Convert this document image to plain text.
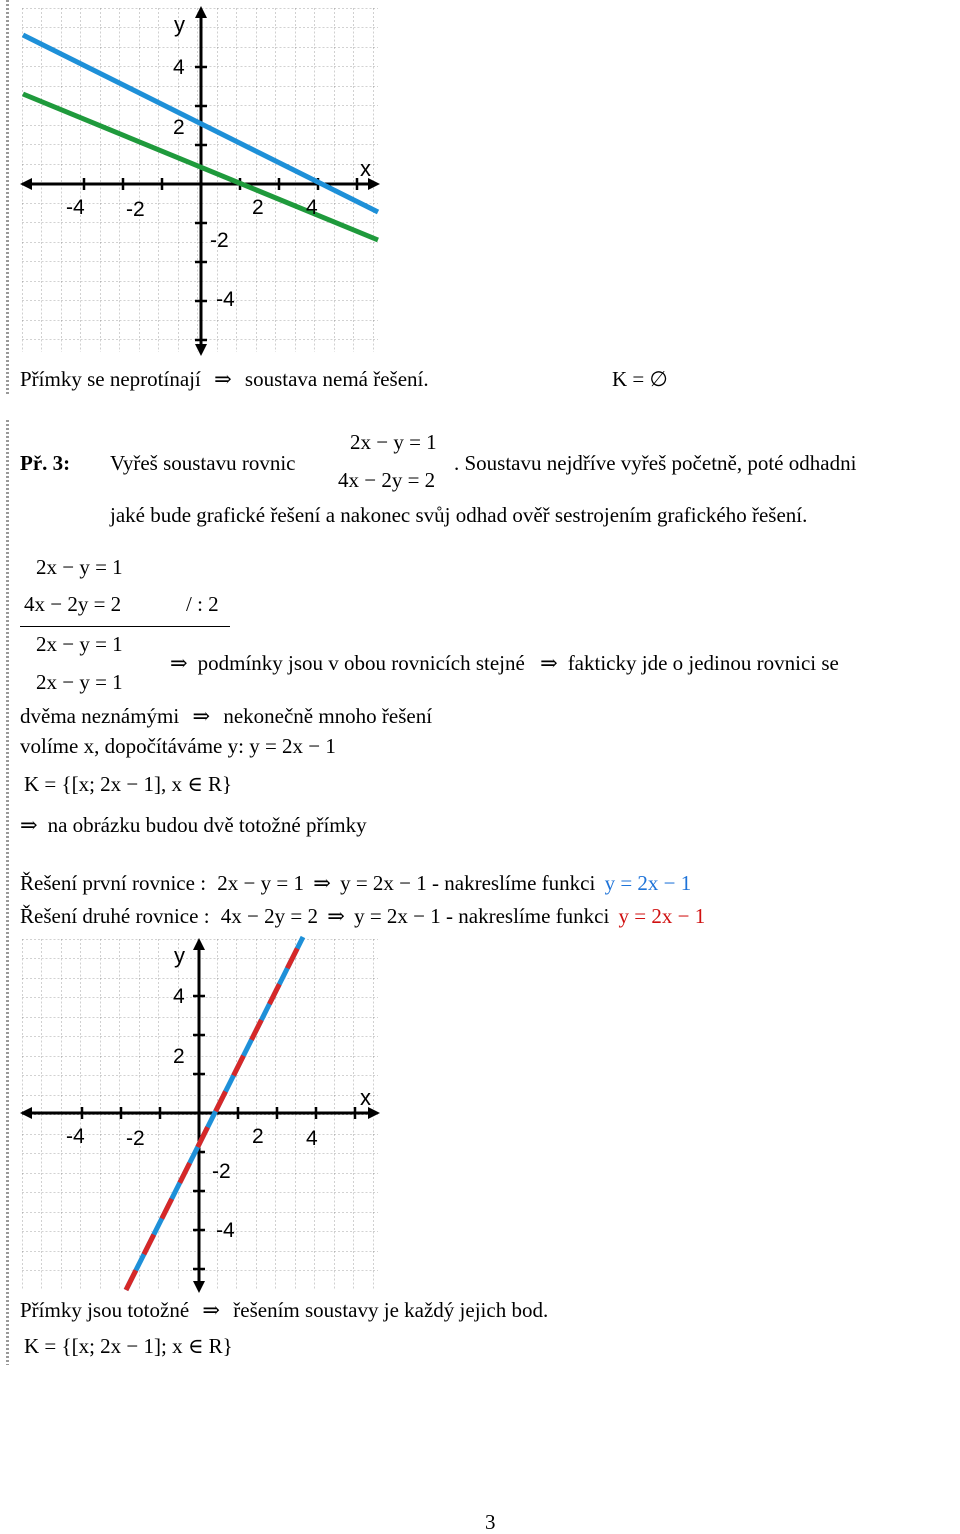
y
x
-4 -2	2 4
4
2
-2
-4
Přímky se neprotínají ⇒ soustava nemá řešení.	K = ∅
Př. 3: Vyřeš soustavu rovnic
2x − y = 1
4x − 2y = 2
. Soustavu nejdříve vyřeš početně, poté odhadni
jaké bude grafické řešení a nakonec svůj odhad ověř sestrojením grafického řešení.
2x − y = 1
4x − 2y = 2	/ : 2
2x − y = 1
2x − y = 1
⇒ podmínky jsou v obou rovnicích stejné ⇒ fakticky jde o jedinou rovnici se
dvěma neznámými ⇒ nekonečně mnoho řešení
volíme x, dopočítáváme y: y = 2x − 1
K = {[x; 2x − 1], x ∈ R}
⇒ na obrázku budou dvě totožné přímky
Řešení první rovnice : 2x − y = 1 ⇒ y = 2x − 1 - nakreslíme funkci y = 2x − 1
Řešení druhé rovnice : 4x − 2y = 2 ⇒ y = 2x − 1 - nakreslíme funkci y = 2x − 1
y
x
-4 -2	2 4
4
2
-2
-4
Přímky jsou totožné ⇒ řešením soustavy je každý jejich bod.
K = {[x; 2x − 1]; x ∈ R}
3
